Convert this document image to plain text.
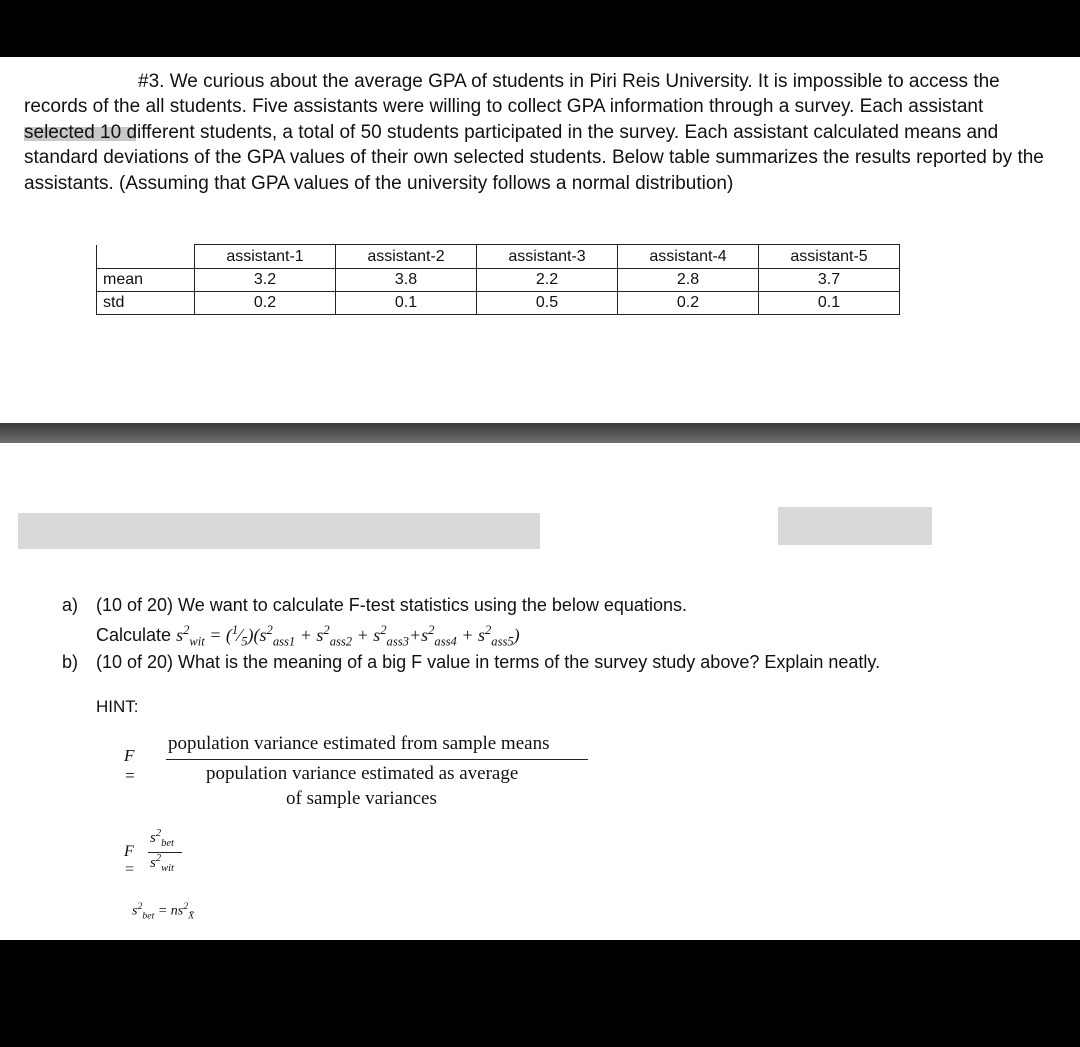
#3. We curious about the average GPA of students in Piri Reis University. It is impossible to access the records of the all students. Five assistants were willing to collect GPA information through a survey. Each assistant selected 10 different students, a total of 50 students participated in the survey. Each assistant calculated means and standard deviations of the GPA values of their own selected students. Below table summarizes the results reported by the assistants. (Assuming that GPA values of the university follows a normal distribution)
	assistant-1	assistant-2	assistant-3	assistant-4	assistant-5
mean	3.2	3.8	2.2	2.8	3.7
std	0.2	0.1	0.5	0.2	0.1
a) (10 of 20) We want to calculate F-test statistics using the below equations.
Calculate $s^2_{wit}$ = $(^1⁄_5)(s^2_{ass1} + s^2_{ass2} + s^2_{ass3}+s^2_{ass4} + s^2_{ass5})$
b) (10 of 20) What is the meaning of a big F value in terms of the survey study above? Explain neatly.
HINT:
F =
population variance estimated from sample means
population variance estimated as average
of sample variances
F =
$s^2_{bet}$
$s^2_{wit}$
$s^2_{bet} = ns^2_{X̄}$
